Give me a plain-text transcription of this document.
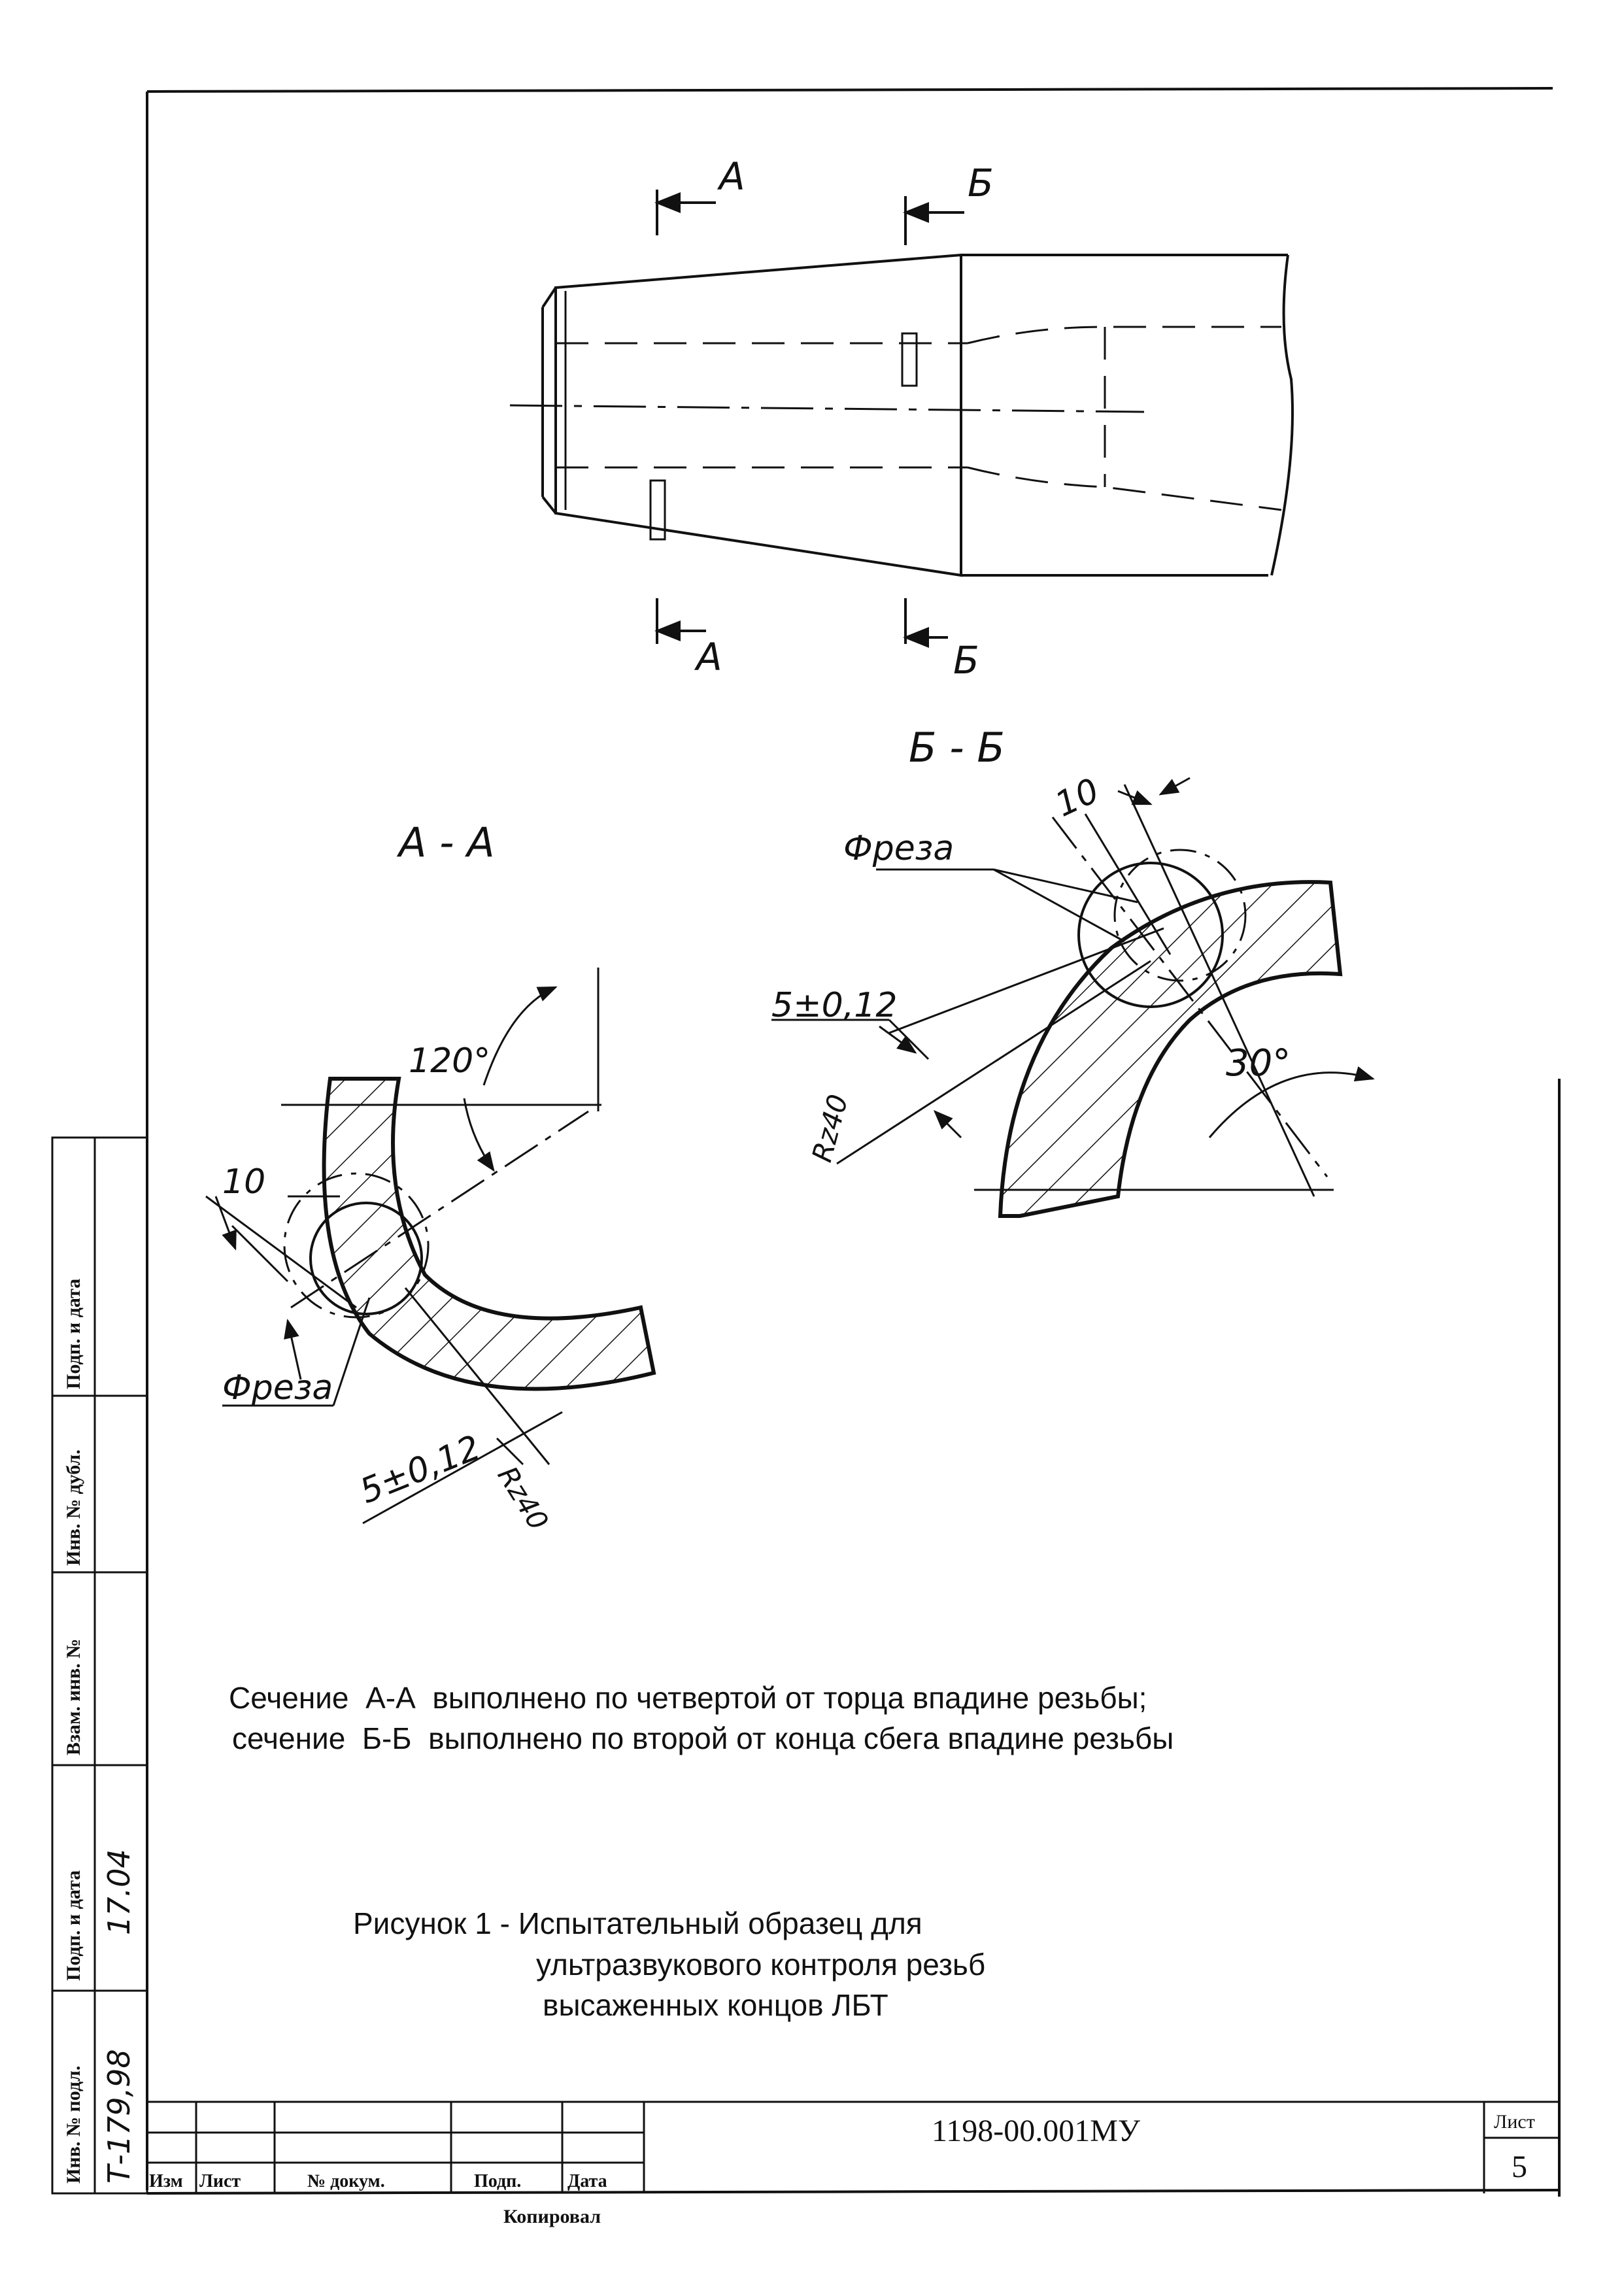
А	Б
А	Б
Б - Б
А - А
120°
10
Фреза
5±0,12 Rz40
10
Фреза
5±0,12
Rz40
30°
Инв. № подл.
Подп. и дата
Взам. инв. №
Инв. № дубл.
Подп. и дата
Т-179,98
17.04
Изм Лист	№ докум.	Подп.	Дата
1198-00.001МУ	Лист
5
Копировал
Сечение А-А выполнено по четвертой от торца впадине резьбы;
сечение Б-Б выполнено по второй от конца сбега впадине резьбы
Рисунок 1 - Испытательный образец для
ультразвукового контроля резьб
высаженных концов ЛБТ
